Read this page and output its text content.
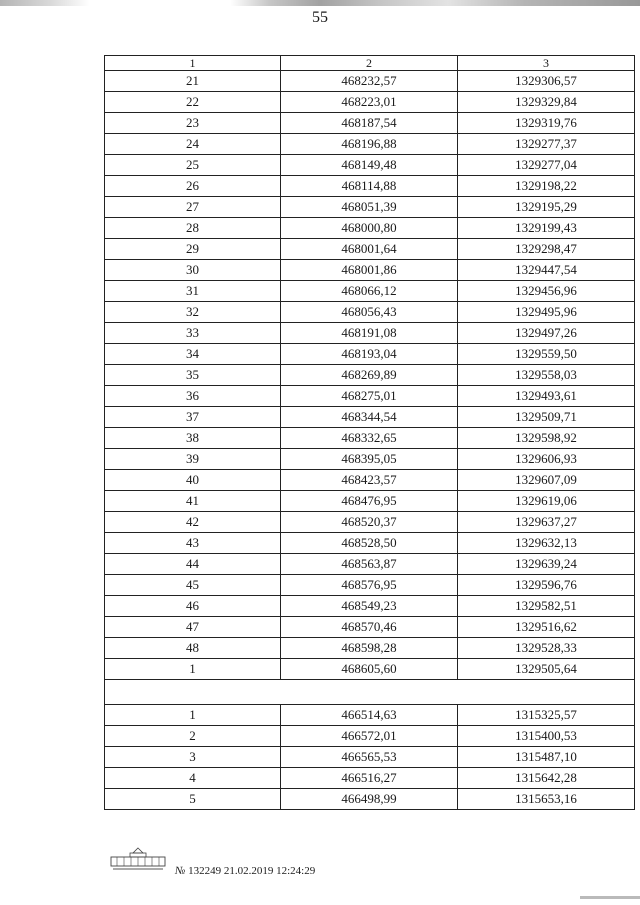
55
1	2	3
21	468232,57	1329306,57
22	468223,01	1329329,84
23	468187,54	1329319,76
24	468196,88	1329277,37
25	468149,48	1329277,04
26	468114,88	1329198,22
27	468051,39	1329195,29
28	468000,80	1329199,43
29	468001,64	1329298,47
30	468001,86	1329447,54
31	468066,12	1329456,96
32	468056,43	1329495,96
33	468191,08	1329497,26
34	468193,04	1329559,50
35	468269,89	1329558,03
36	468275,01	1329493,61
37	468344,54	1329509,71
38	468332,65	1329598,92
39	468395,05	1329606,93
40	468423,57	1329607,09
41	468476,95	1329619,06
42	468520,37	1329637,27
43	468528,50	1329632,13
44	468563,87	1329639,24
45	468576,95	1329596,76
46	468549,23	1329582,51
47	468570,46	1329516,62
48	468598,28	1329528,33
1	468605,60	1329505,64

1	466514,63	1315325,57
2	466572,01	1315400,53
3	466565,53	1315487,10
4	466516,27	1315642,28
5	466498,99	1315653,16
№ 132249 21.02.2019 12:24:29
